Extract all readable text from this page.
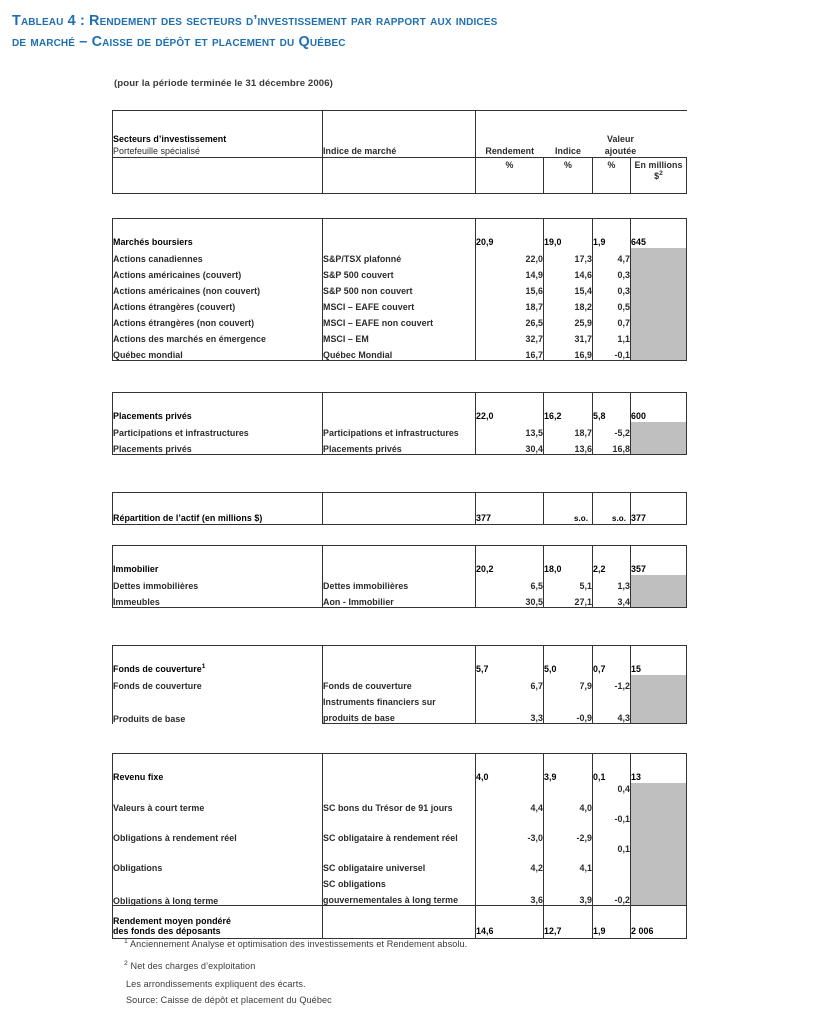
Tableau 4 : Rendement des secteurs d’investissement par rapport aux indices
de marché – Caisse de dépôt et placement du Québec
(pour la période terminée le 31 décembre 2006)
Secteurs d’investissement
Portefeuille spécialisé	Indice de marché	Rendement	Indice	
Valeur
ajoutée

		%	%	%	En millions
\$$^2$
Marchés boursiers		20,9	19,0	1,9	645
Actions canadiennes	S&P/TSX plafonné	22,0	17,3	4,7	
Actions américaines (couvert)	S&P 500 couvert	14,9	14,6	0,3	
Actions américaines (non couvert)	S&P 500 non couvert	15,6	15,4	0,3	
Actions étrangères (couvert)	MSCI – EAFE couvert	18,7	18,2	0,5	
Actions étrangères (non couvert)	MSCI – EAFE non couvert	26,5	25,9	0,7	
Actions des marchés en émergence	MSCI – EM	32,7	31,7	1,1	
Québec mondial	Québec Mondial	16,7	16,9	-0,1	
Placements privés		22,0	16,2	5,8	600
Participations et infrastructures	Participations et infrastructures	13,5	18,7	-5,2	
Placements privés	Placements privés	30,4	13,6	16,8	
Répartition de l’actif (en millions $)		377	s.o.	s.o.	377
Immobilier		20,2	18,0	2,2	357
Dettes immobilières	Dettes immobilières	6,5	5,1	1,3	
Immeubles	Aon - Immobilier	30,5	27,1	3,4	
Fonds de couverture$^1$		5,7	5,0	0,7	15
Fonds de couverture	Fonds de couverture	6,7	7,9	-1,2	
Produits de base	Instruments financiers sur				
	produits de base	3,3	-0,9	4,3	
Revenu fixe		4,0	3,9	0,1	13
Valeurs à court terme	SC bons du Trésor de 91 jours	4,4	4,0	0,4	
Obligations à rendement réel	SC obligataire à rendement réel	-3,0	-2,9	-0,1	
Obligations	SC obligataire universel	4,2	4,1	0,1	
Obligations à long terme	SC obligations				
	gouvernementales à long terme	3,6	3,9	-0,2	
Rendement moyen pondéré
des fonds des déposants		14,6	12,7	1,9	2 006
$^1$ Anciennement Analyse et optimisation des investissements et Rendement absolu.
$^2$ Net des charges d’exploitation
Les arrondissements expliquent des écarts.
Source: Caisse de dépôt et placement du Québec
